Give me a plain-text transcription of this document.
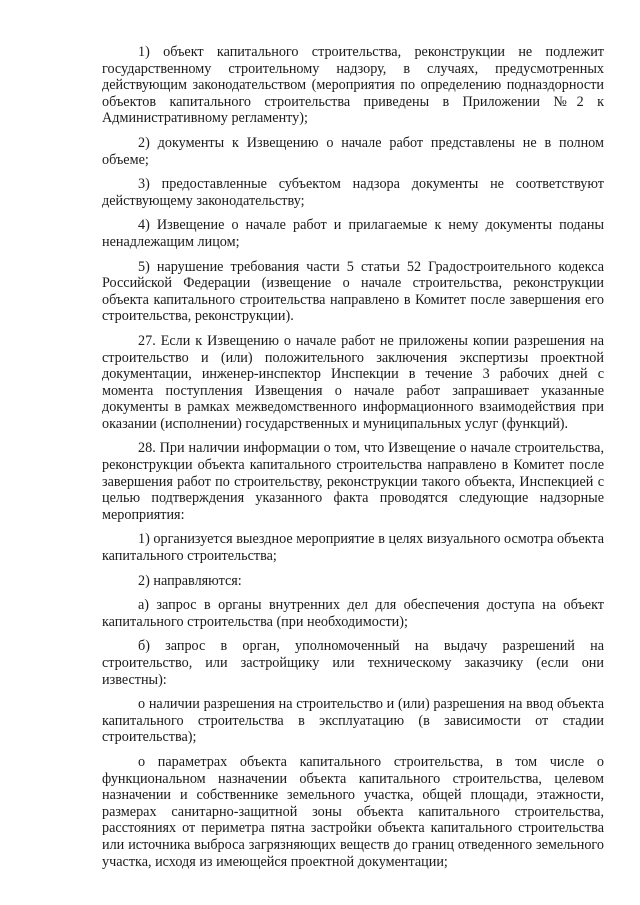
1) объект капитального строительства, реконструкции не подлежит государственному строительному надзору, в случаях, предусмотренных действующим законодательством (мероприятия по определению подназдорности объектов капитального строительства приведены в Приложении №2 к Административному регламенту);

2) документы к Извещению о начале работ представлены не в полном объеме;

3) предоставленные субъектом надзора документы не соответствуют действующему законодательству;

4) Извещение о начале работ и прилагаемые к нему документы поданы ненадлежащим лицом;

5) нарушение требования части 5 статьи 52 Градостроительного кодекса Российской Федерации (извещение о начале строительства, реконструкции объекта капитального строительства направлено в Комитет после завершения его строительства, реконструкции).

27. Если к Извещению о начале работ не приложены копии разрешения на строительство и (или) положительного заключения экспертизы проектной документации, инженер-инспектор Инспекции в течение 3 рабочих дней с момента поступления Извещения о начале работ запрашивает указанные документы в рамках межведомственного информационного взаимодействия при оказании (исполнении) государственных и муниципальных услуг (функций).

28. При наличии информации о том, что Извещение о начале строительства, реконструкции объекта капитального строительства направлено в Комитет после завершения работ по строительству, реконструкции такого объекта, Инспекцией с целью подтверждения указанного факта проводятся следующие надзорные мероприятия:

1) организуется выездное мероприятие в целях визуального осмотра объекта капитального строительства;

2) направляются:

а) запрос в органы внутренних дел для обеспечения доступа на объект капитального строительства (при необходимости);

б) запрос в орган, уполномоченный на выдачу разрешений на строительство, или застройщику или техническому заказчику (если они известны):

о наличии разрешения на строительство и (или) разрешения на ввод объекта капитального строительства в эксплуатацию (в зависимости от стадии строительства);

о параметрах объекта капитального строительства, в том числе о функциональном назначении объекта капитального строительства, целевом назначении и собственнике земельного участка, общей площади, этажности, размерах санитарно-защитной зоны объекта капитального строительства, расстояниях от периметра пятна застройки объекта капитального строительства или источника выброса загрязняющих веществ до границ отведенного земельного участка, исходя из имеющейся проектной документации;
